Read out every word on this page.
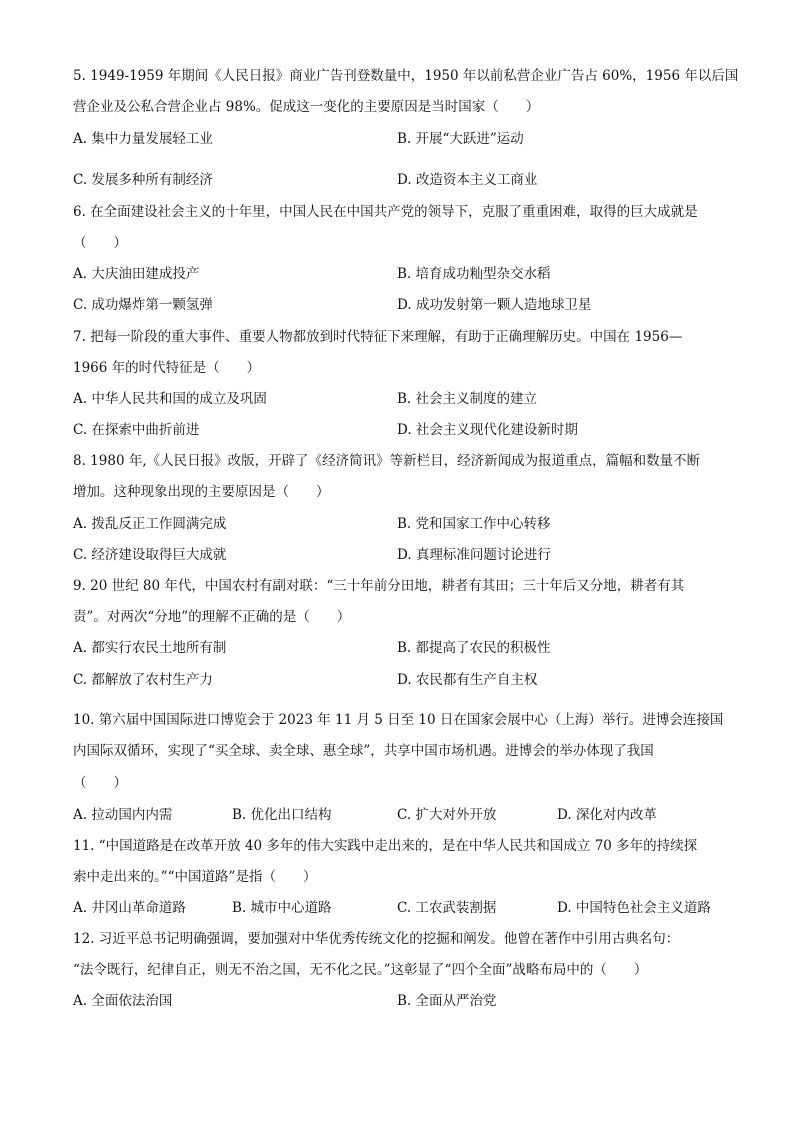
5. 1949-1959 年期间《人民日报》商业广告刊登数量中，1950 年以前私营企业广告占 60%，1956 年以后国
营企业及公私合营企业占 98%。促成这一变化的主要原因是当时国家（　　）
A. 集中力量发展轻工业	B. 开展“大跃进”运动
C. 发展多种所有制经济	D. 改造资本主义工商业
6. 在全面建设社会主义的十年里，中国人民在中国共产党的领导下，克服了重重困难，取得的巨大成就是
（　　）
A. 大庆油田建成投产	B. 培育成功籼型杂交水稻
C. 成功爆炸第一颗氢弹	D. 成功发射第一颗人造地球卫星
7. 把每一阶段的重大事件、重要人物都放到时代特征下来理解，有助于正确理解历史。中国在 1956—
1966 年的时代特征是（　　）
A. 中华人民共和国的成立及巩固	B. 社会主义制度的建立
C. 在探索中曲折前进	D. 社会主义现代化建设新时期
8. 1980 年,《人民日报》改版，开辟了《经济简讯》等新栏目，经济新闻成为报道重点，篇幅和数量不断
增加。这种现象出现的主要原因是（　　）
A. 拨乱反正工作圆满完成	B. 党和国家工作中心转移
C. 经济建设取得巨大成就	D. 真理标准问题讨论进行
9. 20 世纪 80 年代，中国农村有副对联：“三十年前分田地，耕者有其田；三十年后又分地，耕者有其
责”。对两次“分地”的理解不正确的是（　　）
A. 都实行农民土地所有制	B. 都提高了农民的积极性
C. 都解放了农村生产力	D. 农民都有生产自主权
10. 第六届中国国际进口博览会于 2023 年 11 月 5 日至 10 日在国家会展中心（上海）举行。进博会连接国
内国际双循环，实现了“买全球、卖全球、惠全球”，共享中国市场机遇。进博会的举办体现了我国
（　　）
A. 拉动国内内需	B. 优化出口结构	C. 扩大对外开放	D. 深化对内改革
11. “中国道路是在改革开放 40 多年的伟大实践中走出来的，是在中华人民共和国成立 70 多年的持续探
索中走出来的。”“中国道路”是指（　　）
A. 井冈山革命道路	B. 城市中心道路	C. 工农武装割据	D. 中国特色社会主义道路
12. 习近平总书记明确强调，要加强对中华优秀传统文化的挖掘和阐发。他曾在著作中引用古典名句：
“法令既行，纪律自正，则无不治之国，无不化之民。”这彰显了“四个全面”战略布局中的（　　）
A. 全面依法治国	B. 全面从严治党
